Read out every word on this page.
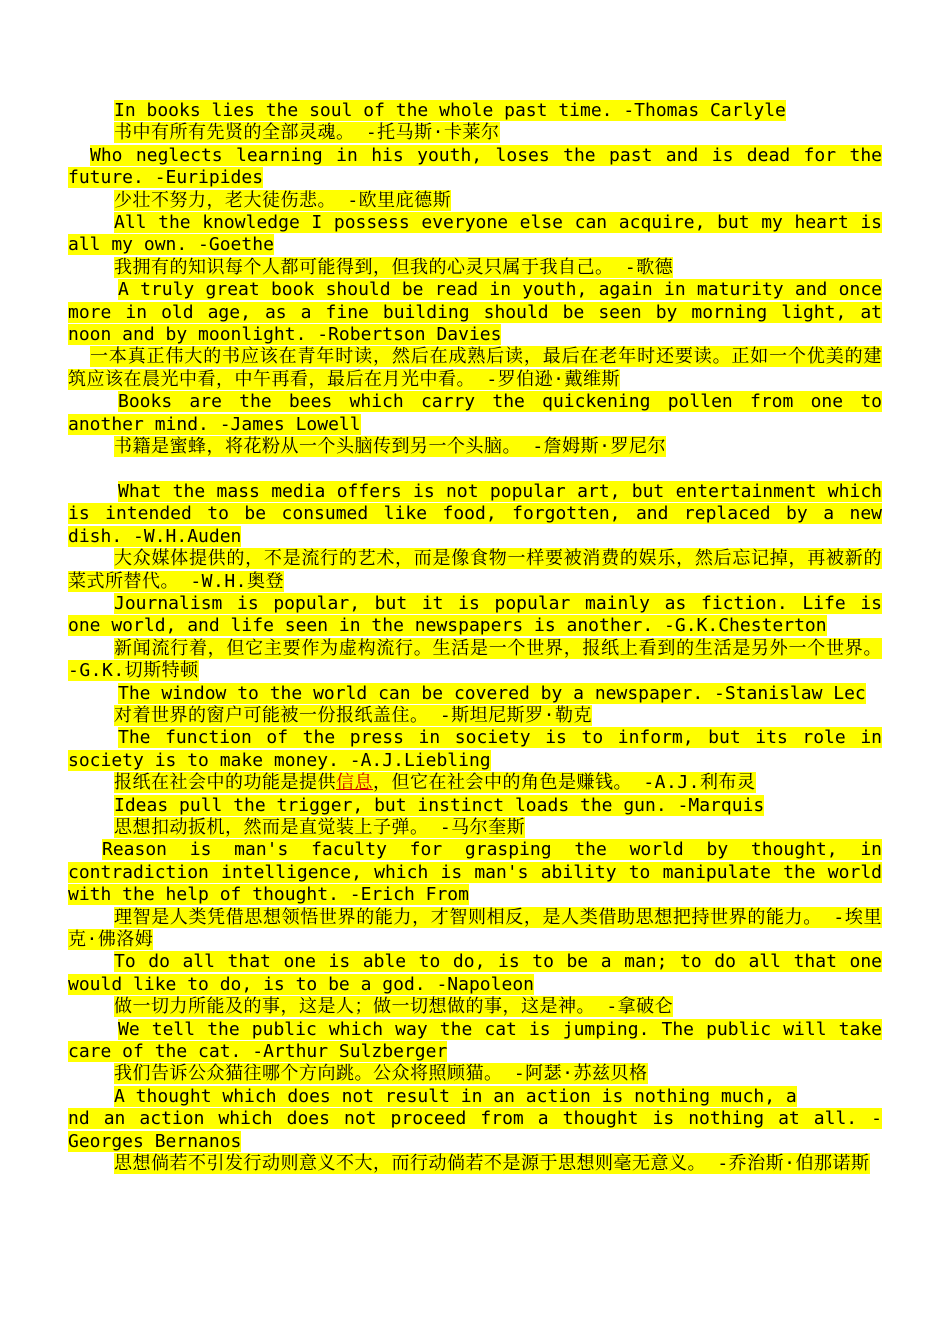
In books lies the soul of the whole past time. -Thomas Carlyle

书中有所有先贤的全部灵魂。 -托马斯·卡莱尔

Who neglects learning in his youth, loses the past and is dead for the future. -Euripides

少壮不努力，老大徒伤悲。 -欧里庇德斯

All the knowledge I possess everyone else can acquire, but my heart is all my own. -Goethe

我拥有的知识每个人都可能得到，但我的心灵只属于我自己。 -歌德

A truly great book should be read in youth, again in maturity and once more in old age, as a fine building should be seen by morning light, at noon and by moonlight. -Robertson Davies

一本真正伟大的书应该在青年时读，然后在成熟后读，最后在老年时还要读。正如一个优美的建筑应该在晨光中看，中午再看，最后在月光中看。 -罗伯逊·戴维斯

Books are the bees which carry the quickening pollen from one to another mind. -James Lowell

书籍是蜜蜂，将花粉从一个头脑传到另一个头脑。 -詹姆斯·罗尼尔

What the mass media offers is not popular art, but entertainment which is intended to be consumed like food, forgotten, and replaced by a new dish. -W.H.Auden

大众媒体提供的，不是流行的艺术，而是像食物一样要被消费的娱乐，然后忘记掉，再被新的菜式所替代。 -W.H.奥登

Journalism is popular, but it is popular mainly as fiction. Life is one world, and life seen in the newspapers is another. -G.K.Chesterton

新闻流行着，但它主要作为虚构流行。生活是一个世界，报纸上看到的生活是另外一个世界。 -G.K.切斯特顿

The window to the world can be covered by a newspaper. -Stanislaw Lec

对着世界的窗户可能被一份报纸盖住。 -斯坦尼斯罗·勒克

The function of the press in society is to inform, but its role in society is to make money. -A.J.Liebling

报纸在社会中的功能是提供信息，但它在社会中的角色是赚钱。 -A.J.利布灵

Ideas pull the trigger, but instinct loads the gun. -Marquis

思想扣动扳机，然而是直觉装上子弹。 -马尔奎斯

Reason is man's faculty for grasping the world by thought, in contradiction intelligence, which is man's ability to manipulate the world with the help of thought. -Erich From

理智是人类凭借思想领悟世界的能力，才智则相反，是人类借助思想把持世界的能力。 -埃里克·佛洛姆

To do all that one is able to do, is to be a man; to do all that one would like to do, is to be a god. -Napoleon

做一切力所能及的事，这是人；做一切想做的事，这是神。 -拿破仑

We tell the public which way the cat is jumping. The public will take care of the cat. -Arthur Sulzberger

我们告诉公众猫往哪个方向跳。公众将照顾猫。 -阿瑟·苏兹贝格

A thought which does not result in an action is nothing much, a

nd an action which does not proceed from a thought is nothing at all. -Georges Bernanos

思想倘若不引发行动则意义不大，而行动倘若不是源于思想则毫无意义。 -乔治斯·伯那诺斯
